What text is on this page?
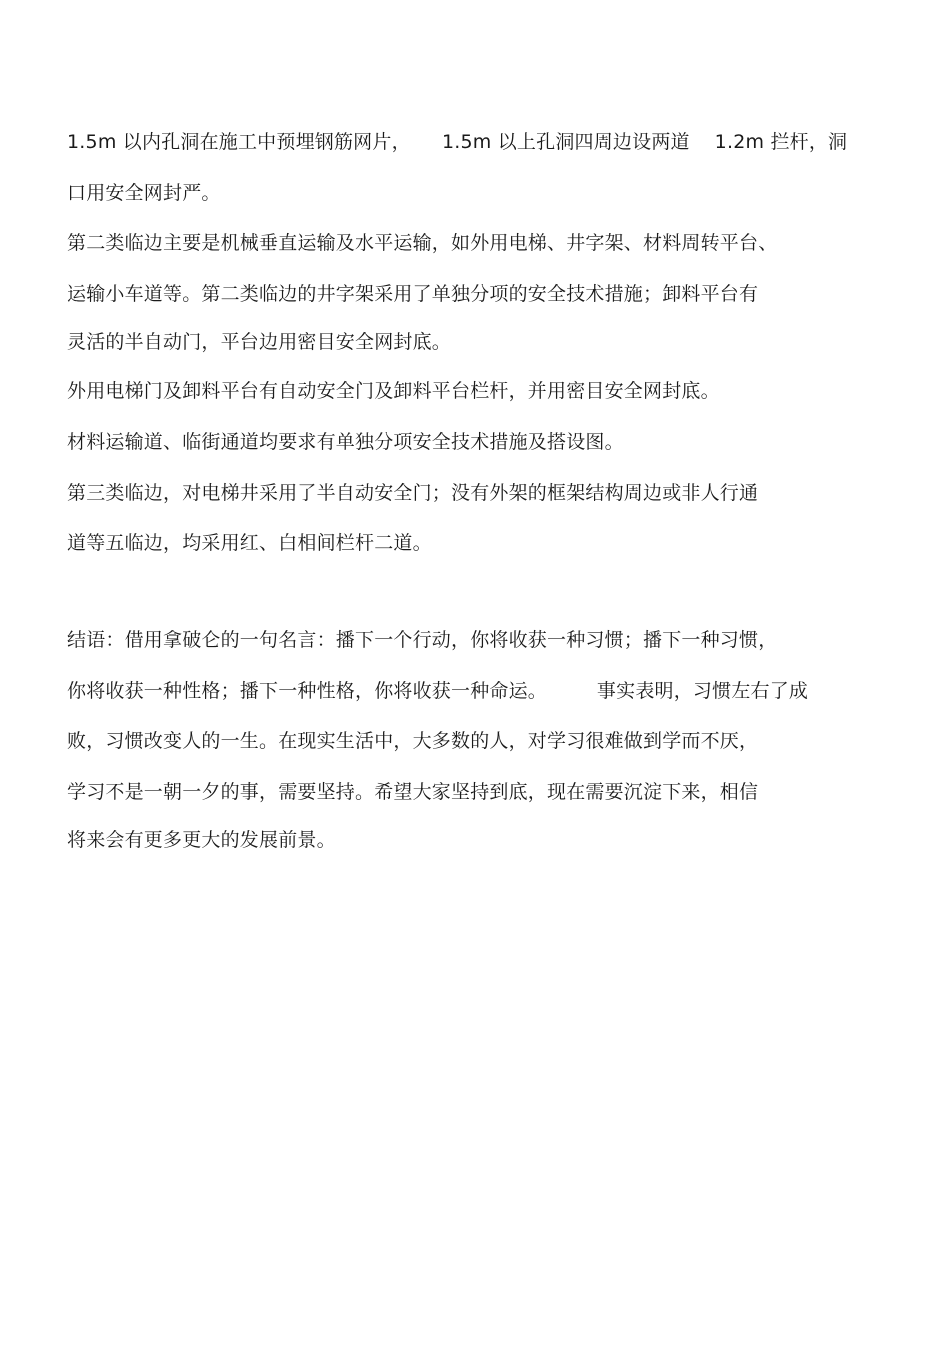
1.5m 以内孔洞在施工中预埋钢筋网片，     1.5m 以上孔洞四周边设两道    1.2m 拦杆，洞
口用安全网封严。
第二类临边主要是机械垂直运输及水平运输，如外用电梯、井字架、材料周转平台、
运输小车道等。第二类临边的井字架采用了单独分项的安全技术措施；卸料平台有
灵活的半自动门，平台边用密目安全网封底。
外用电梯门及卸料平台有自动安全门及卸料平台栏杆，并用密目安全网封底。
材料运输道、临街通道均要求有单独分项安全技术措施及搭设图。
第三类临边，对电梯井采用了半自动安全门；没有外架的框架结构周边或非人行通
道等五临边，均采用红、白相间栏杆二道。
结语：借用拿破仑的一句名言：播下一个行动，你将收获一种习惯；播下一种习惯，
你将收获一种性格；播下一种性格，你将收获一种命运。        事实表明，习惯左右了成
败，习惯改变人的一生。在现实生活中，大多数的人，对学习很难做到学而不厌，
学习不是一朝一夕的事，需要坚持。希望大家坚持到底，现在需要沉淀下来，相信
将来会有更多更大的发展前景。
